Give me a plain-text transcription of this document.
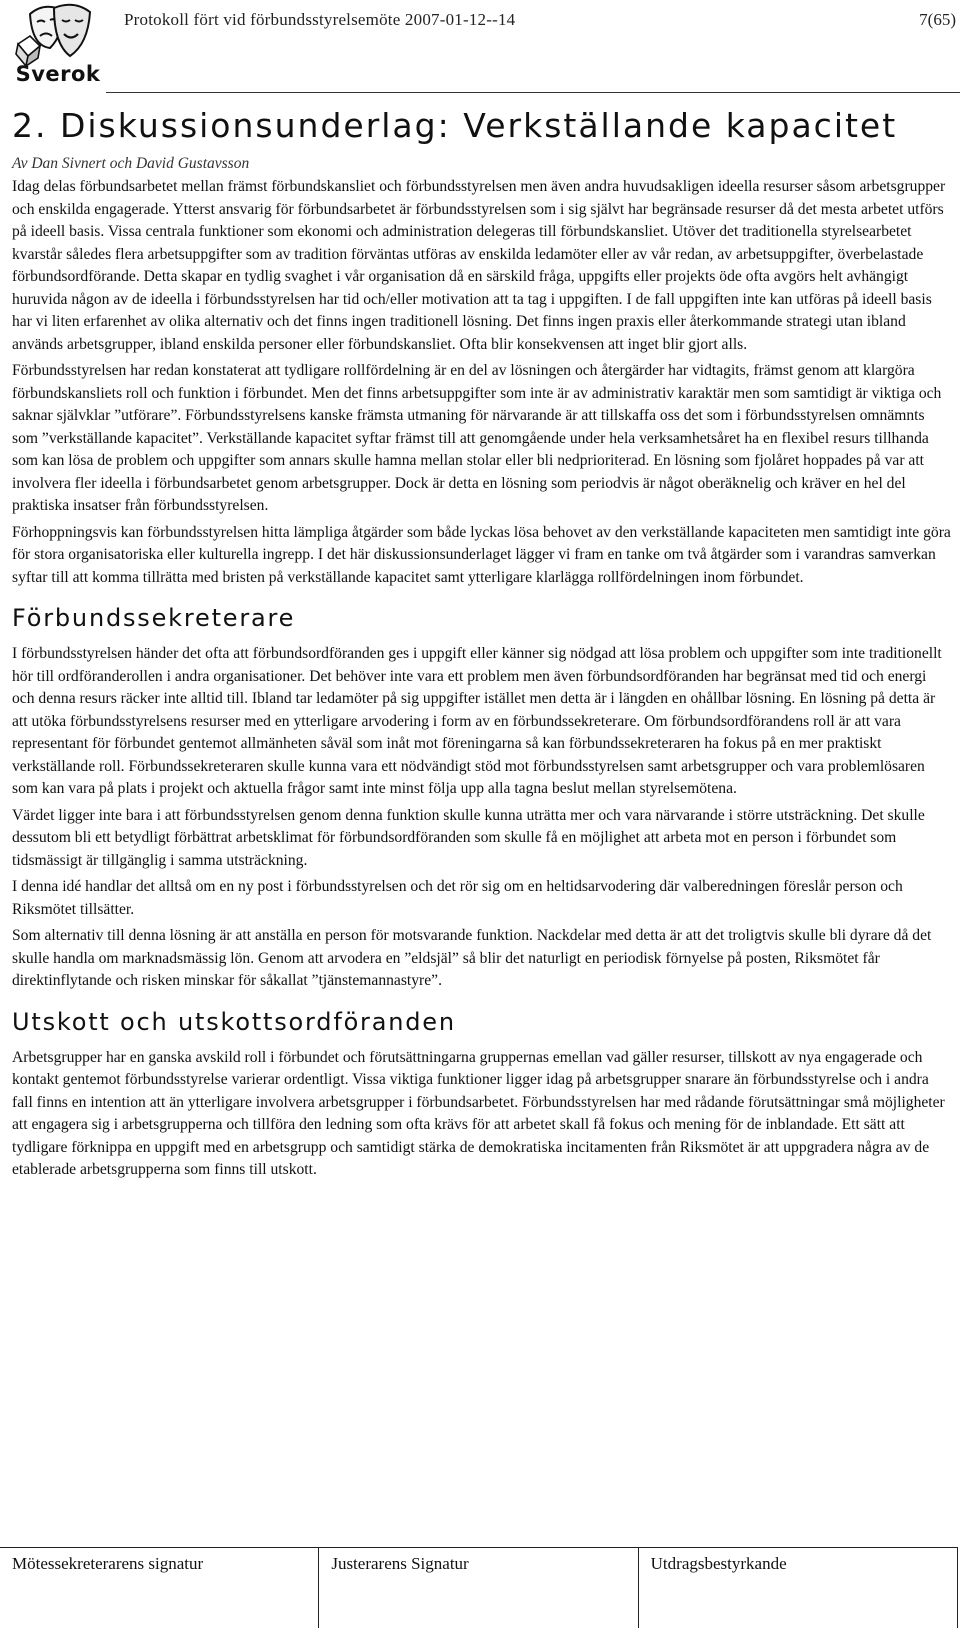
Sverok
Protokoll fört vid förbundsstyrelsemöte 2007-01-12--14	7(65)
2. Diskussionsunderlag: Verkställande kapacitet
Av Dan Sivnert och David Gustavsson

Idag delas förbundsarbetet mellan främst förbundskansliet och förbundsstyrelsen men även andra huvudsakligen ideella resurser såsom arbetsgrupper och enskilda engagerade. Ytterst ansvarig för förbundsarbetet är förbundsstyrelsen som i sig självt har begränsade resurser då det mesta arbetet utförs på ideell basis. Vissa centrala funktioner som ekonomi och administration delegeras till förbundskansliet. Utöver det traditionella styrelsearbetet kvarstår således flera arbetsuppgifter som av tradition förväntas utföras av enskilda ledamöter eller av vår redan, av arbetsuppgifter, överbelastade förbundsordförande. Detta skapar en tydlig svaghet i vår organisation då en särskild fråga, uppgifts eller projekts öde ofta avgörs helt avhängigt huruvida någon av de ideella i förbundsstyrelsen har tid och/eller motivation att ta tag i uppgiften. I de fall uppgiften inte kan utföras på ideell basis har vi liten erfarenhet av olika alternativ och det finns ingen traditionell lösning. Det finns ingen praxis eller återkommande strategi utan ibland används arbetsgrupper, ibland enskilda personer eller förbundskansliet. Ofta blir konsekvensen att inget blir gjort alls.

Förbundsstyrelsen har redan konstaterat att tydligare rollfördelning är en del av lösningen och återgärder har vidtagits, främst genom att klargöra förbundskansliets roll och funktion i förbundet. Men det finns arbetsuppgifter som inte är av administrativ karaktär men som samtidigt är viktiga och saknar självklar ”utförare”. Förbundsstyrelsens kanske främsta utmaning för närvarande är att tillskaffa oss det som i förbundsstyrelsen omnämnts som ”verkställande kapacitet”. Verkställande kapacitet syftar främst till att genomgående under hela verksamhetsåret ha en flexibel resurs tillhanda som kan lösa de problem och uppgifter som annars skulle hamna mellan stolar eller bli nedprioriterad. En lösning som fjolåret hoppades på var att involvera fler ideella i förbundsarbetet genom arbetsgrupper. Dock är detta en lösning som periodvis är något oberäknelig och kräver en hel del praktiska insatser från förbundsstyrelsen.

Förhoppningsvis kan förbundsstyrelsen hitta lämpliga åtgärder som både lyckas lösa behovet av den verkställande kapaciteten men samtidigt inte göra för stora organisatoriska eller kulturella ingrepp. I det här diskussionsunderlaget lägger vi fram en tanke om två åtgärder som i varandras samverkan syftar till att komma tillrätta med bristen på verkställande kapacitet samt ytterligare klarlägga rollfördelningen inom förbundet.

Förbundssekreterare

I förbundsstyrelsen händer det ofta att förbundsordföranden ges i uppgift eller känner sig nödgad att lösa problem och uppgifter som inte traditionellt hör till ordföranderollen i andra organisationer. Det behöver inte vara ett problem men även förbundsordföranden har begränsat med tid och energi och denna resurs räcker inte alltid till. Ibland tar ledamöter på sig uppgifter istället men detta är i längden en ohållbar lösning. En lösning på detta är att utöka förbundsstyrelsens resurser med en ytterligare arvodering i form av en förbundssekreterare. Om förbundsordförandens roll är att vara representant för förbundet gentemot allmänheten såväl som inåt mot föreningarna så kan förbundssekreteraren ha fokus på en mer praktiskt verkställande roll. Förbundssekreteraren skulle kunna vara ett nödvändigt stöd mot förbundsstyrelsen samt arbetsgrupper och vara problemlösaren som kan vara på plats i projekt och aktuella frågor samt inte minst följa upp alla tagna beslut mellan styrelsemötena.

Värdet ligger inte bara i att förbundsstyrelsen genom denna funktion skulle kunna uträtta mer och vara närvarande i större utsträckning. Det skulle dessutom bli ett betydligt förbättrat arbetsklimat för förbundsordföranden som skulle få en möjlighet att arbeta mot en person i förbundet som tidsmässigt är tillgänglig i samma utsträckning.

I denna idé handlar det alltså om en ny post i förbundsstyrelsen och det rör sig om en heltidsarvodering där valberedningen föreslår person och Riksmötet tillsätter.

Som alternativ till denna lösning är att anställa en person för motsvarande funktion. Nackdelar med detta är att det troligtvis skulle bli dyrare då det skulle handla om marknadsmässig lön. Genom att arvodera en ”eldsjäl” så blir det naturligt en periodisk förnyelse på posten, Riksmötet får direktinflytande och risken minskar för såkallat ”tjänstemannastyre”.

Utskott och utskottsordföranden

Arbetsgrupper har en ganska avskild roll i förbundet och förutsättningarna gruppernas emellan vad gäller resurser, tillskott av nya engagerade och kontakt gentemot förbundsstyrelse varierar ordentligt. Vissa viktiga funktioner ligger idag på arbetsgrupper snarare än förbundsstyrelse och i andra fall finns en intention att än ytterligare involvera arbetsgrupper i förbundsarbetet. Förbundsstyrelsen har med rådande förutsättningar små möjligheter att engagera sig i arbetsgrupperna och tillföra den ledning som ofta krävs för att arbetet skall få fokus och mening för de inblandade. Ett sätt att tydligare förknippa en uppgift med en arbetsgrupp och samtidigt stärka de demokratiska incitamenten från Riksmötet är att uppgradera några av de etablerade arbetsgrupperna som finns till utskott.

Mötessekreterarens signatur	Justerarens Signatur	Utdragsbestyrkande
